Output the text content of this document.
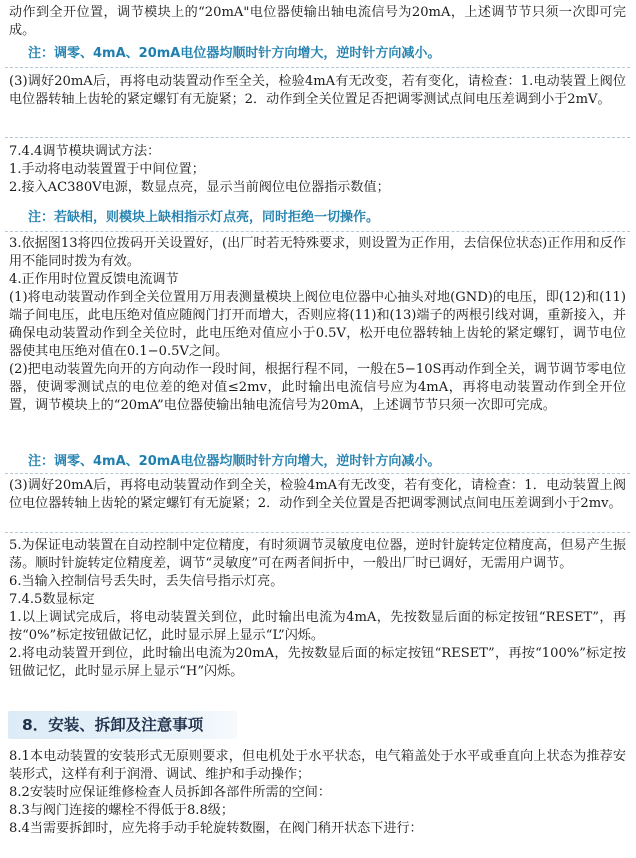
动作到全开位置，调节模块上的“20mA"电位器使输出轴电流信号为20mA，上述调节节只须一次即可完成。

注：调零、4mA、20mA电位器均顺时针方向增大，逆时针方向减小。

(3)调好20mA后，再将电动装置动作至全关，检验4mA有无改变，若有变化，请检查：1.电动装置上阀位电位器转轴上齿轮的紧定螺钉有无旋紧；2．动作到全关位置足否把调零测试点间电压差调到小于2mV。

7.4.4调节模块调试方法：

1.手动将电动装置置于中间位置；

2.接入AC380V电源，数显点亮，显示当前阀位电位器指示数值；

注：若缺相，则模块上缺相指示灯点亮，同时拒绝一切操作。

3.依据图13将四位拨码开关设置好，(出厂时若无特殊要求，则设置为正作用，去信保位状态)正作用和反作用不能同时拨为有效。

4.正作用时位置反馈电流调节

(1)将电动装置动作到全关位置用万用表测量模块上阀位电位器中心抽头对地(GND)的电压，即(12)和(11)端子间电压，此电压绝对值应随阀门打开而增大，否则应将(11)和(13)端子的两根引线对调，重新接入，并确保电动装置动作到全关位时，此电压绝对值应小于0.5V，松开电位器转轴上齿轮的紧定螺钉，调节电位器使其电压绝对值在0.1−0.5V之间。

(2)把电动装置先向开的方向动作一段时间，根据行程不同，一般在5−10S再动作到全关，调节调节零电位器，使调零测试点的电位差的绝对值≤2mv，此时输出电流信号应为4mA，再将电动装置动作到全开位置，调节模块上的“20mA”电位器使输出轴电流信号为20mA，上述调节节只须一次即可完成。

注：调零、4mA、20mA电位器均顺时针方向增大，逆时针方向减小。

(3)调好20mA后，再将电动装置动作到全关，检验4mA有无改变，若有变化，请检查：1．电动装置上阀位电位器转轴上齿轮的紧定螺钉有无旋紧；2．动作到全关位置是否把调零测试点间电压差调到小于2mv。

5.为保证电动装置在自动控制中定位精度，有时须调节灵敏度电位器，逆时针旋转定位精度高，但易产生振荡。顺时针旋转定位精度差，调节“灵敏度”可在两者间折中，一般出厂时已调好，无需用户调节。

6.当输入控制信号丢失时，丢失信号指示灯亮。

7.4.5数显标定

1.以上调试完成后，将电动装置关到位，此时输出电流为4mA，先按数显后面的标定按钮“RESET”，再按“0%”标定按钮做记忆，此时显示屏上显示“L”闪烁。

2.将电动装置开到位，此时输出电流为20mA，先按数显后面的标定按钮“RESET”，再按“100%”标定按钮做记忆，此时显示屏上显示“H”闪烁。

8．安装、拆卸及注意事项

8.1本电动装置的安装形式无原则要求，但电机处于水平状态，电气箱盖处于水平或垂直向上状态为推荐安装形式，这样有利于润滑、调试、维护和手动操作；

8.2安装时应保证维修检查人员拆卸各部件所需的空间：

8.3与阀门连接的螺栓不得低于8.8级；

8.4当需要拆卸时，应先将手动手轮旋转数圈，在阀门稍开状态下进行：
